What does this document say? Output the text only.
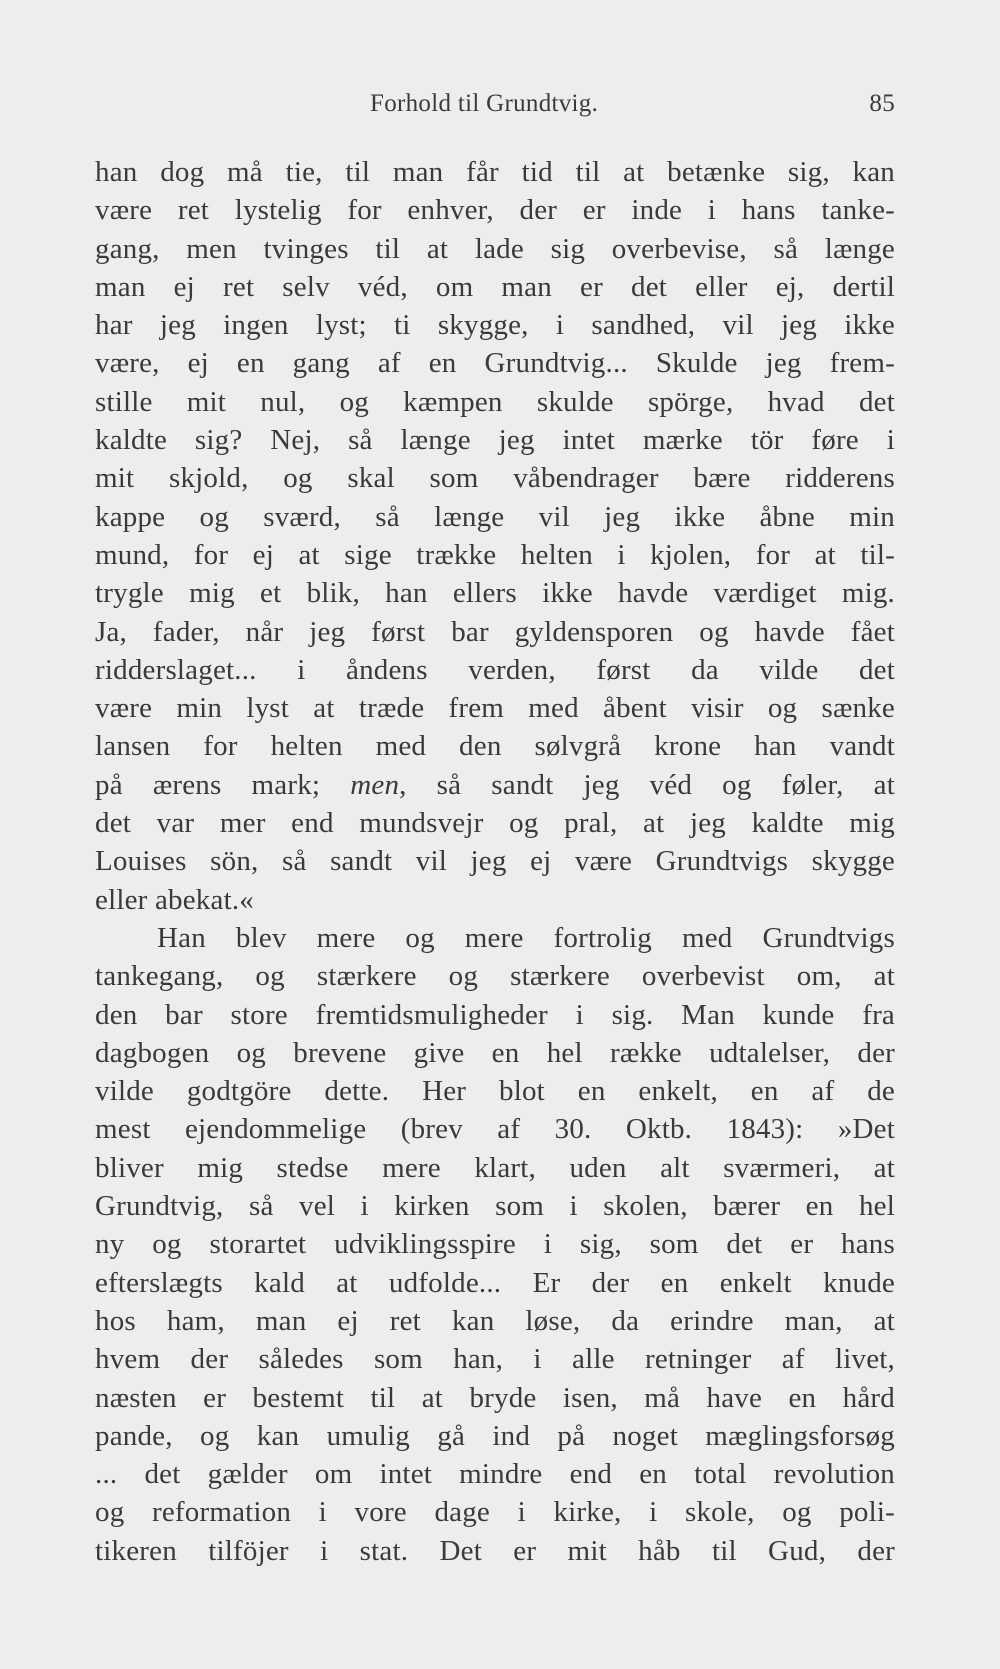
Forhold til Grundtvig.	85
han dog må tie, til man får tid til at betænke sig, kan
være ret lystelig for enhver, der er inde i hans tanke-
gang, men tvinges til at lade sig overbevise, så længe
man ej ret selv véd, om man er det eller ej, dertil
har jeg ingen lyst; ti skygge, i sandhed, vil jeg ikke
være, ej en gang af en Grundtvig... Skulde jeg frem-
stille mit nul, og kæmpen skulde spörge, hvad det
kaldte sig? Nej, så længe jeg intet mærke tör føre i
mit skjold, og skal som våbendrager bære ridderens
kappe og sværd, så længe vil jeg ikke åbne min
mund, for ej at sige trække helten i kjolen, for at til-
trygle mig et blik, han ellers ikke havde værdiget mig.
Ja, fader, når jeg først bar gyldensporen og havde fået
ridderslaget... i åndens verden, først da vilde det
være min lyst at træde frem med åbent visir og sænke
lansen for helten med den sølvgrå krone han vandt
på ærens mark; men, så sandt jeg véd og føler, at
det var mer end mundsvejr og pral, at jeg kaldte mig
Louises sön, så sandt vil jeg ej være Grundtvigs skygge
eller abekat.«
Han blev mere og mere fortrolig med Grundtvigs
tankegang, og stærkere og stærkere overbevist om, at
den bar store fremtidsmuligheder i sig. Man kunde fra
dagbogen og brevene give en hel række udtalelser, der
vilde godtgöre dette. Her blot en enkelt, en af de
mest ejendommelige (brev af 30. Oktb. 1843): »Det
bliver mig stedse mere klart, uden alt sværmeri, at
Grundtvig, så vel i kirken som i skolen, bærer en hel
ny og storartet udviklingsspire i sig, som det er hans
efterslægts kald at udfolde... Er der en enkelt knude
hos ham, man ej ret kan løse, da erindre man, at
hvem der således som han, i alle retninger af livet,
næsten er bestemt til at bryde isen, må have en hård
pande, og kan umulig gå ind på noget mæglingsforsøg
... det gælder om intet mindre end en total revolution
og reformation i vore dage i kirke, i skole, og poli-
tikeren tilföjer i stat. Det er mit håb til Gud, der
